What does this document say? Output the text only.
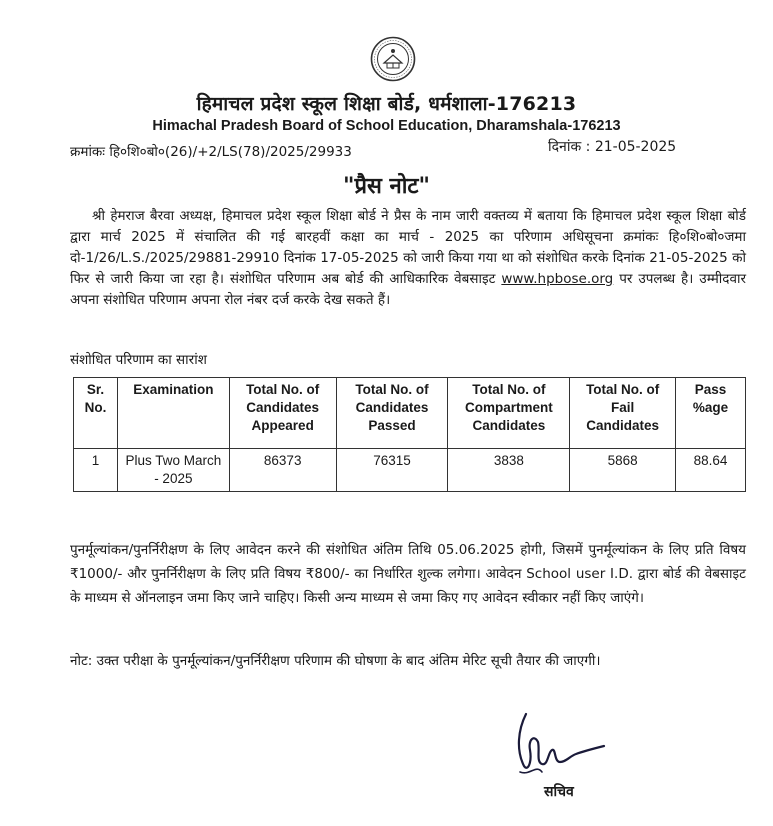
हिमाचल प्रदेश स्कूल शिक्षा बोर्ड, धर्मशाला-176213
Himachal Pradesh Board of School Education, Dharamshala-176213
क्रमांकः हि०शि०बो०(26)/+2/LS(78)/2025/29933	दिनांक : 21-05-2025
"प्रैस नोट"
श्री हेमराज बैरवा अध्यक्ष, हिमाचल प्रदेश स्कूल शिक्षा बोर्ड ने प्रैस के नाम जारी वक्तव्य में बताया कि हिमाचल प्रदेश स्कूल शिक्षा बोर्ड द्वारा मार्च 2025 में संचालित की गई बारहवीं कक्षा का मार्च - 2025 का परिणाम अधिसूचना क्रमांकः हि०शि०बो०जमा दो-1/26/L.S./2025/29881-29910 दिनांक 17-05-2025 को जारी किया गया था को संशोधित करके दिनांक 21-05-2025 को फिर से जारी किया जा रहा है। संशोधित परिणाम अब बोर्ड की आधिकारिक वेबसाइट www.hpbose.org पर उपलब्ध है। उम्मीदवार अपना संशोधित परिणाम अपना रोल नंबर दर्ज करके देख सकते हैं।
संशोधित परिणाम का सारांश
Sr. No.	Examination	Total No. of Candidates Appeared	Total No. of Candidates Passed	Total No. of Compartment Candidates	Total No. of Fail Candidates	Pass %age
1	Plus Two March - 2025	86373	76315	3838	5868	88.64
पुनर्मूल्यांकन/पुनर्निरीक्षण के लिए आवेदन करने की संशोधित अंतिम तिथि 05.06.2025 होगी, जिसमें पुनर्मूल्यांकन के लिए प्रति विषय ₹1000/- और पुनर्निरीक्षण के लिए प्रति विषय ₹800/- का निर्धारित शुल्क लगेगा। आवेदन School user I.D. द्वारा बोर्ड की वेबसाइट के माध्यम से ऑनलाइन जमा किए जाने चाहिए। किसी अन्य माध्यम से जमा किए गए आवेदन स्वीकार नहीं किए जाएंगे।
नोट: उक्त परीक्षा के पुनर्मूल्यांकन/पुनर्निरीक्षण परिणाम की घोषणा के बाद अंतिम मेरिट सूची तैयार की जाएगी।
सचिव
